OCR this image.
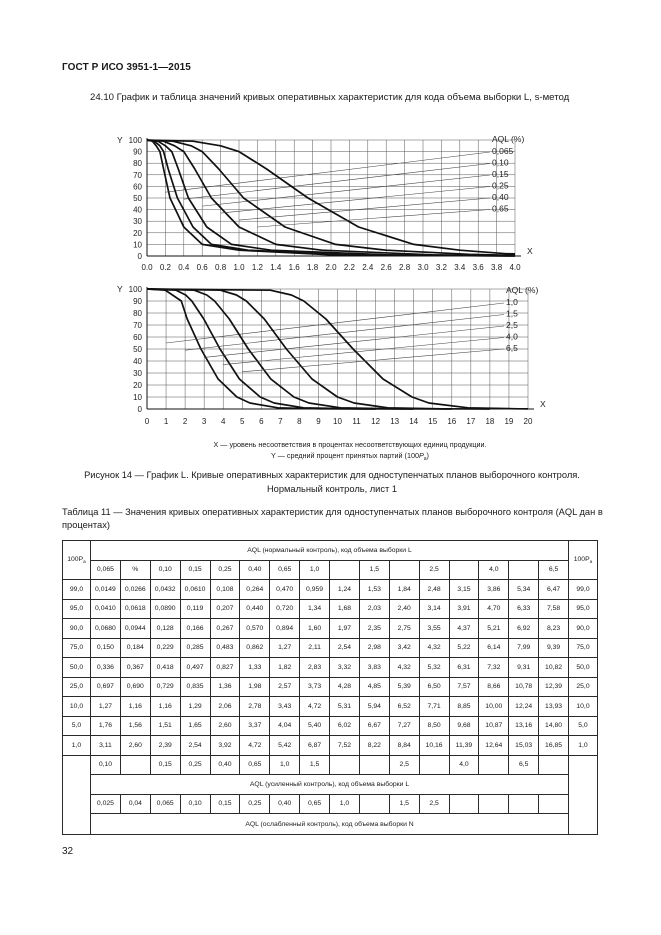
ГОСТ Р ИСО 3951-1—2015
24.10 График и таблица значений кривых оперативных характеристик для кода объема выборки L, s-метод
0.0 0.2 0.4 0.6 0.8 1.0 1.2 1.4 1.6 1.8 2.0 2.2 2.4 2.6 2.8 3.0 3.2 3.4 3.6 3.8 4.0
100
90
80
70
60
50
40
30
20
10
0
Y
X
AQL (%)
0,065
0,10
0,15
0,25
0,40
0,65
0 1 2 3 4 5 6 7 8 9 10 11 12 13 14 15 16 17 18 19 20
100
90
80
70
60
50
40
30
20
10
0
Y
X
AQL (%)
1,0
1,5
2,5
4,0
6,5
X — уровень несоответствия в процентах несоответствующих единиц продукции.
Y — средний процент принятых партий $(100P_a)$
Рисунок 14 — График L. Кривые оперативных характеристик для одноступенчатых планов выборочного контроля.
Нормальный контроль, лист 1
Таблица 11 — Значения кривых оперативных характеристик для одноступенчатых планов выборочного контроля (AQL дан в процентах)
$100P_a$	AQL (нормальный контроль), код объема выборки L																$100P_a$
	0,065	%	0,10	0,15	0,25	0,40	0,65	1,0		1,5		2,5		4,0		6,5	
99,0	0,0149	0,0266	0,0432	0,0610	0,108	0,264	0,470	0,959	1,24	1,53	1,84	2,48	3,15	3,86	5,34	6,47	99,0
95,0	0,0410	0,0618	0,0890	0,119	0,207	0,440	0,720	1,34	1,68	2,03	2,40	3,14	3,91	4,70	6,33	7,58	95,0
90,0	0,0680	0,0944	0,128	0,166	0,267	0,570	0,894	1,60	1,97	2,35	2,75	3,55	4,37	5,21	6,92	8,23	90,0
75,0	0,150	0,184	0,229	0,285	0,483	0,862	1,27	2,11	2,54	2,98	3,42	4,32	5,22	6,14	7,99	9,39	75,0
50,0	0,336	0,367	0,418	0,497	0,827	1,33	1,82	2,83	3,32	3,83	4,32	5,32	6,31	7,32	9,31	10,82	50,0
25,0	0,697	0,690	0,729	0,835	1,36	1,98	2,57	3,73	4,28	4,85	5,39	6,50	7,57	8,66	10,78	12,39	25,0
10,0	1,27	1,16	1,16	1,29	2,06	2,78	3,43	4,72	5,31	5,94	6,52	7,71	8,85	10,00	12,24	13,93	10,0
5,0	1,76	1,56	1,51	1,65	2,60	3,37	4,04	5,40	6,02	6,67	7,27	8,50	9,68	10,87	13,16	14,80	5,0
1,0	3,11	2,60	2,39	2,54	3,92	4,72	5,42	6,87	7,52	8,22	8,84	10,16	11,39	12,64	15,03	16,85	1,0
	0,10		0,15	0,25	0,40	0,65	1,0	1,5			2,5		4,0		6,5		
	AQL (усиленный контроль), код объема выборки L																
	0,025	0,04	0,065	0,10	0,15	0,25	0,40	0,65	1,0		1,5	2,5					
	AQL (ослабленный контроль), код объема выборки N																
32
